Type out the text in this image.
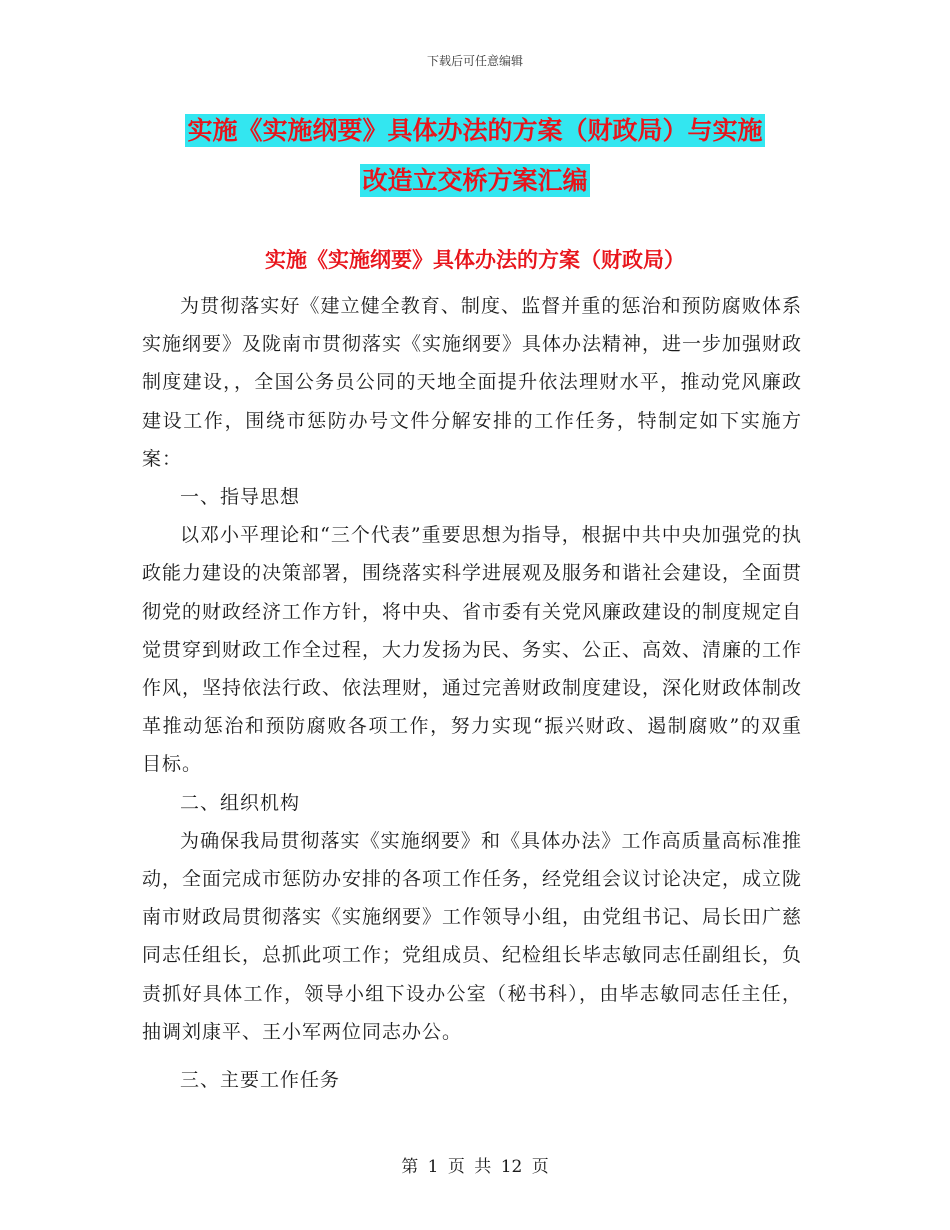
下载后可任意编辑
实施《实施纲要》具体办法的方案（财政局）与实施
改造立交桥方案汇编
实施《实施纲要》具体办法的方案（财政局）

为贯彻落实好《建立健全教育、制度、监督并重的惩治和预防腐败体系实施纲要》及陇南市贯彻落实《实施纲要》具体办法精神，进一步加强财政制度建设，，全国公务员公同的天地全面提升依法理财水平，推动党风廉政建设工作，围绕市惩防办号文件分解安排的工作任务，特制定如下实施方案：

一、指导思想

以邓小平理论和“三个代表”重要思想为指导，根据中共中央加强党的执政能力建设的决策部署，围绕落实科学进展观及服务和谐社会建设，全面贯彻党的财政经济工作方针，将中央、省市委有关党风廉政建设的制度规定自觉贯穿到财政工作全过程，大力发扬为民、务实、公正、高效、清廉的工作作风，坚持依法行政、依法理财，通过完善财政制度建设，深化财政体制改革推动惩治和预防腐败各项工作，努力实现“振兴财政、遏制腐败”的双重目标。

二、组织机构

为确保我局贯彻落实《实施纲要》和《具体办法》工作高质量高标准推动，全面完成市惩防办安排的各项工作任务，经党组会议讨论决定，成立陇南市财政局贯彻落实《实施纲要》工作领导小组，由党组书记、局长田广慈同志任组长，总抓此项工作；党组成员、纪检组长毕志敏同志任副组长，负责抓好具体工作，领导小组下设办公室（秘书科），由毕志敏同志任主任，抽调刘康平、王小军两位同志办公。

三、主要工作任务

第 1 页 共 12 页
